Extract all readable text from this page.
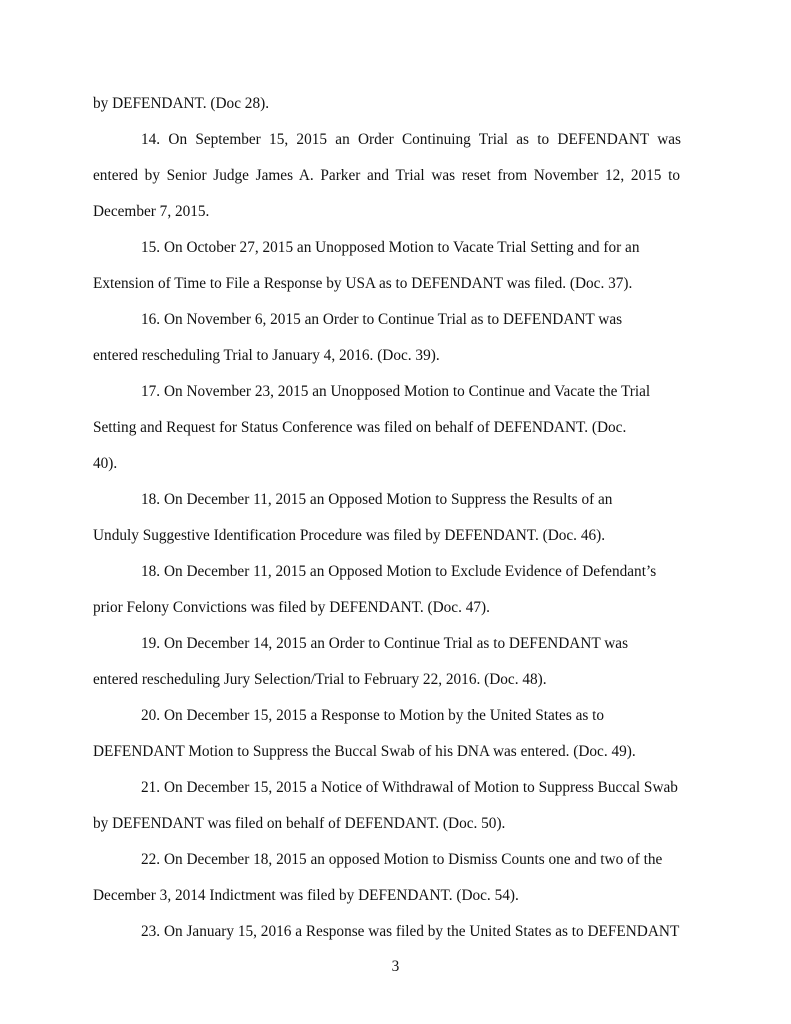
by DEFENDANT. (Doc 28).

14. On September 15, 2015 an Order Continuing Trial as to DEFENDANT was

entered by Senior Judge James A. Parker and Trial was reset from November 12, 2015 to

December 7, 2015.

15. On October 27, 2015 an Unopposed Motion to Vacate Trial Setting and for an

Extension of Time to File a Response by USA as to DEFENDANT was filed. (Doc. 37).

16. On November 6, 2015 an Order to Continue Trial as to DEFENDANT was

entered rescheduling Trial to January 4, 2016. (Doc. 39).

17. On November 23, 2015 an Unopposed Motion to Continue and Vacate the Trial

Setting and Request for Status Conference was filed on behalf of DEFENDANT. (Doc.

40).

18. On December 11, 2015 an Opposed Motion to Suppress the Results of an

Unduly Suggestive Identification Procedure was filed by DEFENDANT. (Doc. 46).

18. On December 11, 2015 an Opposed Motion to Exclude Evidence of Defendant’s

prior Felony Convictions was filed by DEFENDANT. (Doc. 47).

19. On December 14, 2015 an Order to Continue Trial as to DEFENDANT was

entered rescheduling Jury Selection/Trial to February 22, 2016. (Doc. 48).

20. On December 15, 2015 a Response to Motion by the United States as to

DEFENDANT Motion to Suppress the Buccal Swab of his DNA was entered. (Doc. 49).

21. On December 15, 2015 a Notice of Withdrawal of Motion to Suppress Buccal Swab

by DEFENDANT was filed on behalf of DEFENDANT. (Doc. 50).

22. On December 18, 2015 an opposed Motion to Dismiss Counts one and two of the

December 3, 2014 Indictment was filed by DEFENDANT. (Doc. 54).

23. On January 15, 2016 a Response was filed by the United States as to DEFENDANT

3
